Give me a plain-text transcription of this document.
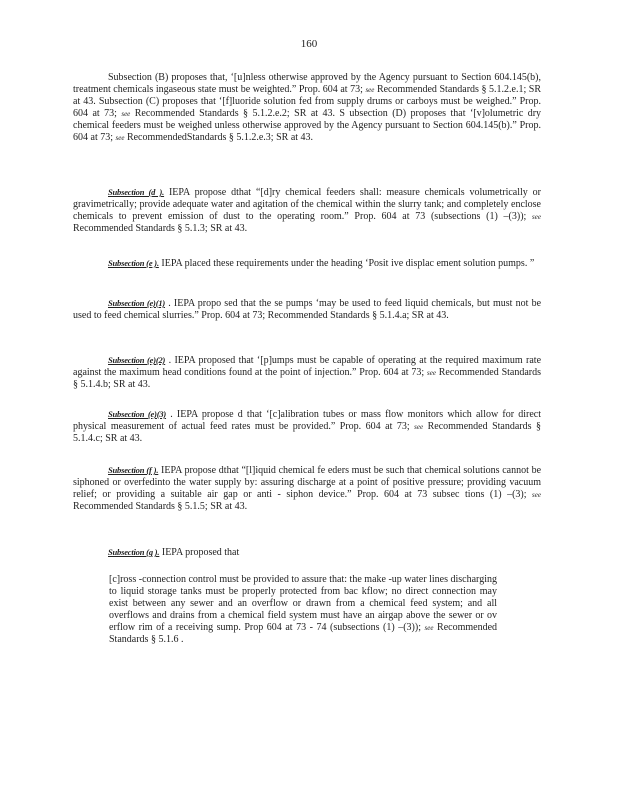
160

Subsection (B) proposes that, ‘[u]nless otherwise approved by the Agency pursuant to Section 604.145(b), treatment chemicals ingaseous state must be weighted.” Prop. 604 at 73; see Recommended Standards § 5.1.2.e.1; SR at 43. Subsection (C) proposes that ‘[f]luoride solution fed from supply drums or carboys must be weighed.” Prop. 604 at 73; see Recommended Standards § 5.1.2.e.2; SR at 43. S ubsection (D) proposes that ‘[v]olumetric dry chemical feeders must be weighed unless otherwise approved by the Agency pursuant to Section 604.145(b).” Prop. 604 at 73; see RecommendedStandards § 5.1.2.e.3; SR at 43.

Subsection (d ). IEPA propose dthat “[d]ry chemical feeders shall: measure chemicals volumetrically or gravimetrically; provide adequate water and agitation of the chemical within the slurry tank; and completely enclose chemicals to prevent emission of dust to the operating room.” Prop. 604 at 73 (subsections (1) –(3)); see Recommended Standards § 5.1.3; SR at 43.

Subsection (e ). IEPA placed these requirements under the heading ‘Posit ive displac ement solution pumps. ”

Subsection (e)(1) . IEPA propo sed that the se pumps ‘may be used to feed liquid chemicals, but must not be used to feed chemical slurries.” Prop. 604 at 73; Recommended Standards § 5.1.4.a; SR at 43.

Subsection (e)(2) . IEPA proposed that ‘[p]umps must be capable of operating at the required maximum rate against the maximum head conditions found at the point of injection.” Prop. 604 at 73; see Recommended Standards § 5.1.4.b; SR at 43.

Subsection (e)(3) . IEPA propose d that ‘[c]alibration tubes or mass flow monitors which allow for direct physical measurement of actual feed rates must be provided.” Prop. 604 at 73; see Recommended Standards § 5.1.4.c; SR at 43.

Subsection (f ). IEPA propose dthat “[l]iquid chemical fe eders must be such that chemical solutions cannot be siphoned or overfedinto the water supply by: assuring discharge at a point of positive pressure; providing vacuum relief; or providing a suitable air gap or anti - siphon device.” Prop. 604 at 73 subsec tions (1) –(3); see Recommended Standards § 5.1.5; SR at 43.

Subsection (g ). IEPA proposed that

[c]ross -connection control must be provided to assure that: the make -up water lines discharging to liquid storage tanks must be properly protected from bac kflow; no direct connection may exist between any sewer and an overflow or drawn from a chemical feed system; and all overflows and drains from a chemical field system must have an airgap above the sewer or ov erflow rim of a receiving sump. Prop 604 at 73 - 74 (subsections (1) –(3)); see Recommended Standards § 5.1.6 .
